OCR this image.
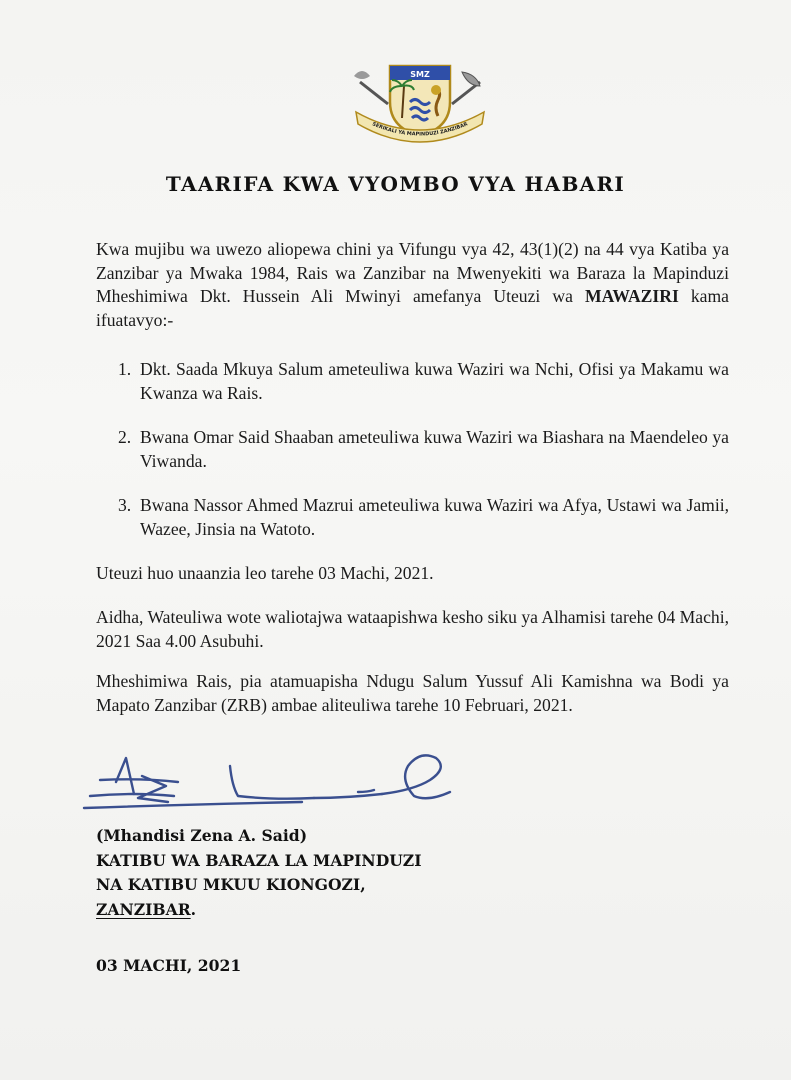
SMZ
SERIKALI YA MAPINDUZI ZANZIBAR
TAARIFA KWA VYOMBO VYA HABARI
Kwa mujibu wa uwezo aliopewa chini ya Vifungu vya 42, 43(1)(2) na 44 vya Katiba ya Zanzibar ya Mwaka 1984, Rais wa Zanzibar na Mwenyekiti wa Baraza la Mapinduzi Mheshimiwa Dkt. Hussein Ali Mwinyi amefanya Uteuzi wa MAWAZIRI kama ifuatavyo:-
1. Dkt. Saada Mkuya Salum ameteuliwa kuwa Waziri wa Nchi, Ofisi ya Makamu wa Kwanza wa Rais.
2. Bwana Omar Said Shaaban ameteuliwa kuwa Waziri wa Biashara na Maendeleo ya Viwanda.
3. Bwana Nassor Ahmed Mazrui ameteuliwa kuwa Waziri wa Afya, Ustawi wa Jamii, Wazee, Jinsia na Watoto.
Uteuzi huo unaanzia leo tarehe 03 Machi, 2021.
Aidha, Wateuliwa wote waliotajwa wataapishwa kesho siku ya Alhamisi tarehe 04 Machi, 2021 Saa 4.00 Asubuhi.
Mheshimiwa Rais, pia atamuapisha Ndugu Salum Yussuf Ali Kamishna wa Bodi ya Mapato Zanzibar (ZRB) ambae aliteuliwa tarehe 10 Februari, 2021.
(Mhandisi Zena A. Said)
KATIBU WA BARAZA LA MAPINDUZI
NA KATIBU MKUU KIONGOZI,
ZANZIBAR.
03 MACHI, 2021
